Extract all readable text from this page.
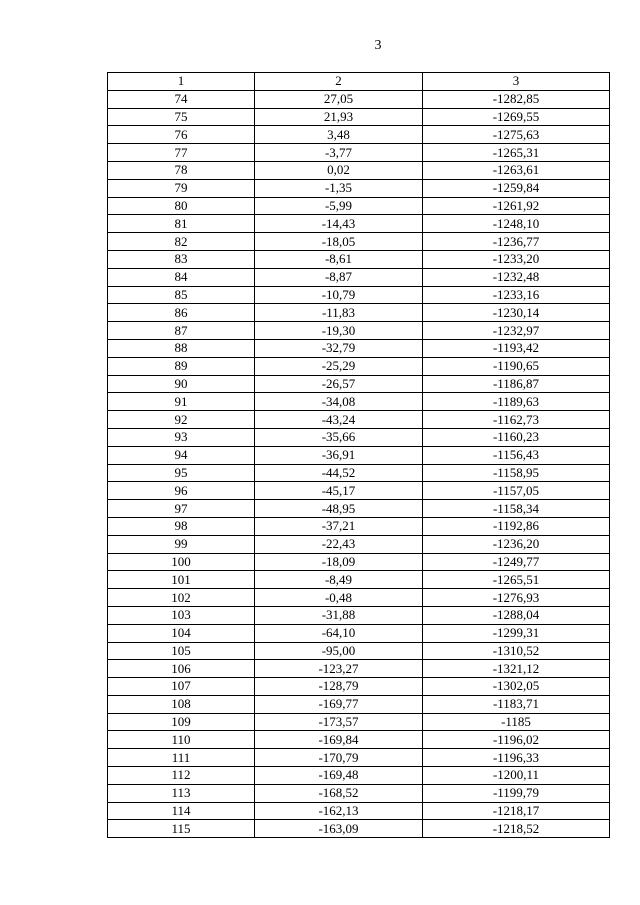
3
1	2	3
74	27,05	-1282,85
75	21,93	-1269,55
76	3,48	-1275,63
77	-3,77	-1265,31
78	0,02	-1263,61
79	-1,35	-1259,84
80	-5,99	-1261,92
81	-14,43	-1248,10
82	-18,05	-1236,77
83	-8,61	-1233,20
84	-8,87	-1232,48
85	-10,79	-1233,16
86	-11,83	-1230,14
87	-19,30	-1232,97
88	-32,79	-1193,42
89	-25,29	-1190,65
90	-26,57	-1186,87
91	-34,08	-1189,63
92	-43,24	-1162,73
93	-35,66	-1160,23
94	-36,91	-1156,43
95	-44,52	-1158,95
96	-45,17	-1157,05
97	-48,95	-1158,34
98	-37,21	-1192,86
99	-22,43	-1236,20
100	-18,09	-1249,77
101	-8,49	-1265,51
102	-0,48	-1276,93
103	-31,88	-1288,04
104	-64,10	-1299,31
105	-95,00	-1310,52
106	-123,27	-1321,12
107	-128,79	-1302,05
108	-169,77	-1183,71
109	-173,57	-1185
110	-169,84	-1196,02
111	-170,79	-1196,33
112	-169,48	-1200,11
113	-168,52	-1199,79
114	-162,13	-1218,17
115	-163,09	-1218,52
